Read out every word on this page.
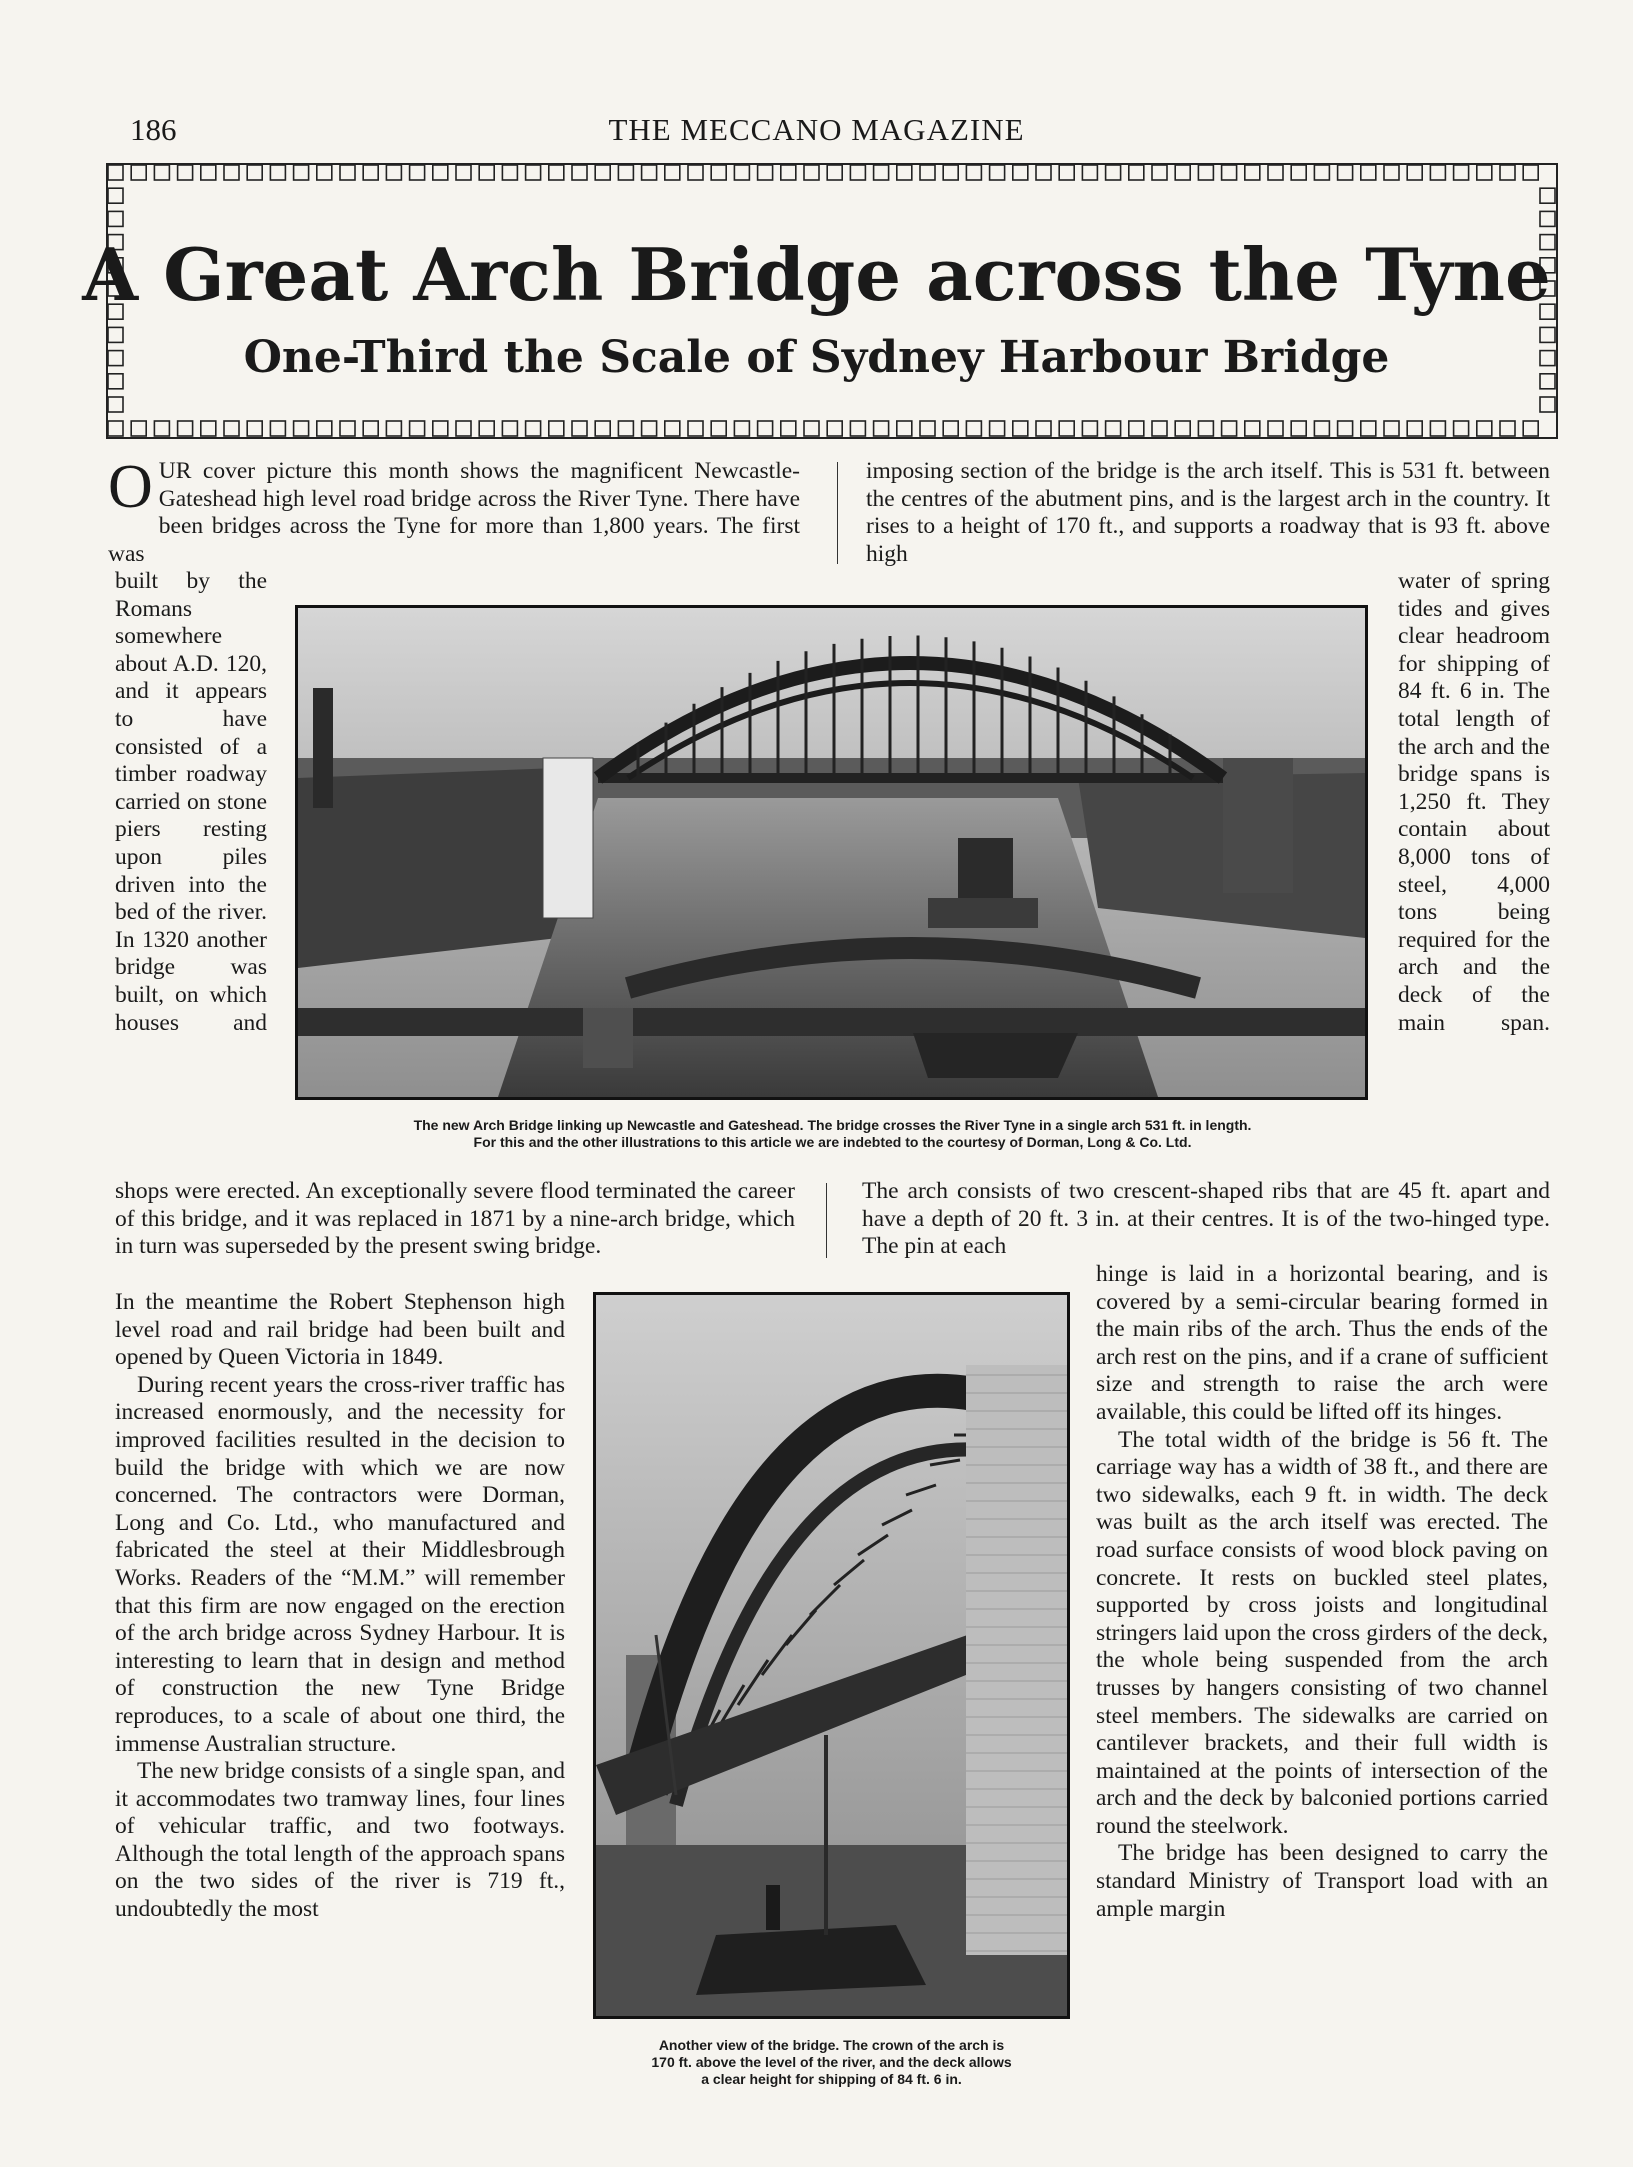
186	THE MECCANO MAGAZINE
A Great Arch Bridge across the Tyne
One-Third the Scale of Sydney Harbour Bridge
O UR cover picture this month shows the magnificent Newcastle-Gateshead high level road bridge across the River Tyne. There have been bridges across the Tyne for more than 1,800 years. The first was
imposing section of the bridge is the arch itself. This is 531 ft. between the centres of the abutment pins, and is the largest arch in the country. It rises to a height of 170 ft., and supports a roadway that is 93 ft. above high
built by the Romans somewhere about A.D. 120, and it appears to have consisted of a timber roadway carried on stone piers resting upon piles driven into the bed of the river. In 1320 another bridge was built, on which houses and
water of spring tides and gives clear headroom for shipping of 84 ft. 6 in. The total length of the arch and the bridge spans is 1,250 ft. They contain about 8,000 tons of steel, 4,000 tons being required for the arch and the deck of the main span.
The new Arch Bridge linking up Newcastle and Gateshead. The bridge crosses the River Tyne in a single arch 531 ft. in length.
For this and the other illustrations to this article we are indebted to the courtesy of Dorman, Long & Co. Ltd.
shops were erected. An exceptionally severe flood terminated the career of this bridge, and it was replaced in 1871 by a nine-arch bridge, which in turn was superseded by the present swing bridge.
The arch consists of two crescent-shaped ribs that are 45 ft. apart and have a depth of 20 ft. 3 in. at their centres. It is of the two-hinged type. The pin at each

In the meantime the Robert Stephenson high level road and rail bridge had been built and opened by Queen Victoria in 1849.

During recent years the cross-river traffic has increased enormously, and the necessity for improved facilities resulted in the decision to build the bridge with which we are now concerned. The contractors were Dorman, Long and Co. Ltd., who manufactured and fabricated the steel at their Middlesbrough Works. Readers of the “M.M.” will remember that this firm are now engaged on the erection of the arch bridge across Sydney Harbour. It is interesting to learn that in design and method of construction the new Tyne Bridge reproduces, to a scale of about one third, the immense Australian structure.

The new bridge consists of a single span, and it accommodates two tramway lines, four lines of vehicular traffic, and two footways. Although the total length of the approach spans on the two sides of the river is 719 ft., undoubtedly the most

hinge is laid in a horizontal bearing, and is covered by a semi-circular bearing formed in the main ribs of the arch. Thus the ends of the arch rest on the pins, and if a crane of sufficient size and strength to raise the arch were available, this could be lifted off its hinges.

The total width of the bridge is 56 ft. The carriage way has a width of 38 ft., and there are two sidewalks, each 9 ft. in width. The deck was built as the arch itself was erected. The road surface consists of wood block paving on concrete. It rests on buckled steel plates, supported by cross joists and longitudinal stringers laid upon the cross girders of the deck, the whole being suspended from the arch trusses by hangers consisting of two channel steel members. The sidewalks are carried on cantilever brackets, and their full width is maintained at the points of intersection of the arch and the deck by balconied portions carried round the steelwork.

The bridge has been designed to carry the standard Ministry of Transport load with an ample margin

Another view of the bridge. The crown of the arch is
170 ft. above the level of the river, and the deck allows
a clear height for shipping of 84 ft. 6 in.
